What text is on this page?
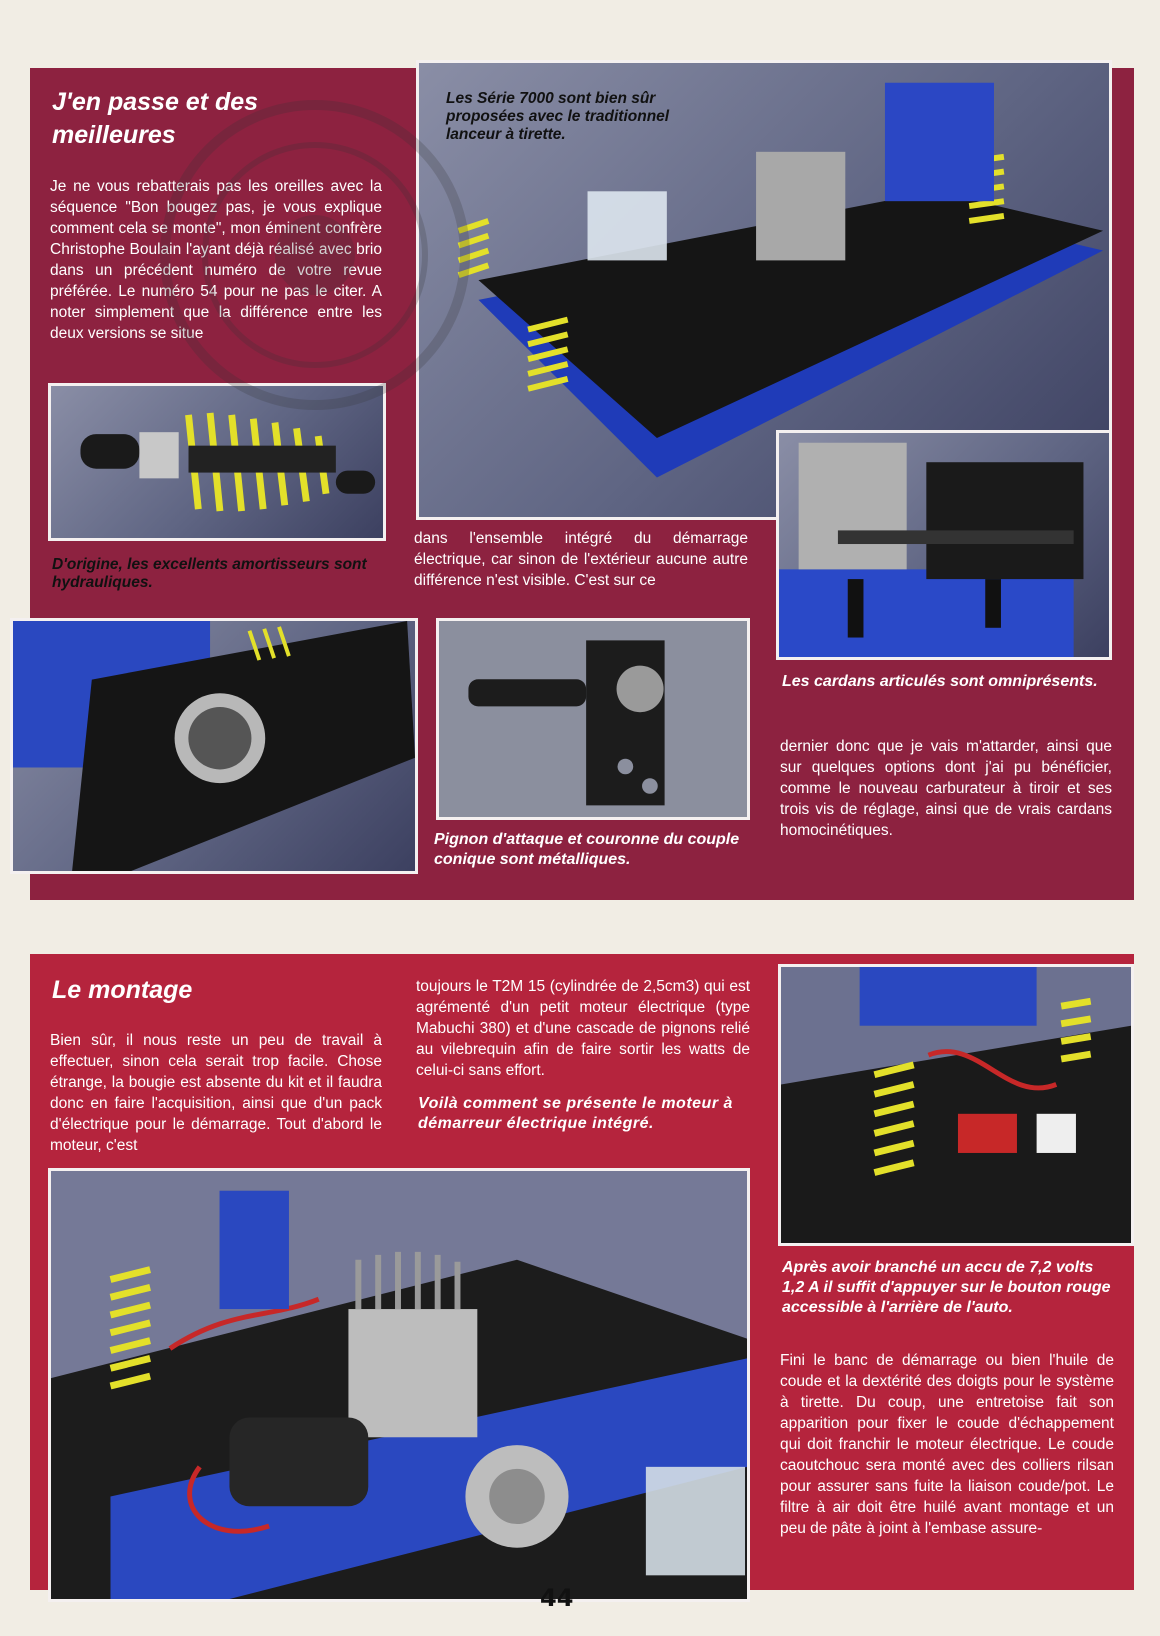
J'en passe et des meilleures

Je ne vous rebatterais pas les oreilles avec la séquence "Bon bougez pas, je vous explique comment cela se monte", mon éminent confrère Christophe Boulain l'ayant déjà réalisé avec brio dans un précédent numéro de votre revue préférée. Le numéro 54 pour ne pas le citer. A noter simplement que la différence entre les deux versions se situe

D'origine, les excellents amortisseurs sont hydrauliques.

Les Série 7000 sont bien sûr proposées avec le traditionnel lanceur à tirette.

dans l'ensemble intégré du démarrage électrique, car sinon de l'extérieur aucune autre différence n'est visible. C'est sur ce

Les cardans articulés sont omniprésents.

dernier donc que je vais m'attarder, ainsi que sur quelques options dont j'ai pu bénéficier, comme le nouveau carburateur à tiroir et ses trois vis de réglage, ainsi que de vrais cardans homocinétiques.

Pignon d'attaque et couronne du couple conique sont métalliques.

Le montage

Bien sûr, il nous reste un peu de travail à effectuer, sinon cela serait trop facile. Chose étrange, la bougie est absente du kit et il faudra donc en faire l'acquisition, ainsi que d'un pack d'électrique pour le démarrage. Tout d'abord le moteur, c'est

toujours le T2M 15 (cylindrée de 2,5cm3) qui est agrémenté d'un petit moteur électrique (type Mabuchi 380) et d'une cascade de pignons relié au vilebrequin afin de faire sortir les watts de celui-ci sans effort.

Voilà comment se présente le moteur à démarreur électrique intégré.

Après avoir branché un accu de 7,2 volts 1,2 A il suffit d'appuyer sur le bouton rouge accessible à l'arrière de l'auto.

Fini le banc de démarrage ou bien l'huile de coude et la dextérité des doigts pour le système à tirette. Du coup, une entretoise fait son apparition pour fixer le coude d'échappement qui doit franchir le moteur électrique. Le coude caoutchouc sera monté avec des colliers rilsan pour assurer sans fuite la liaison coude/pot. Le filtre à air doit être huilé avant montage et un peu de pâte à joint à l'embase assure-

44
